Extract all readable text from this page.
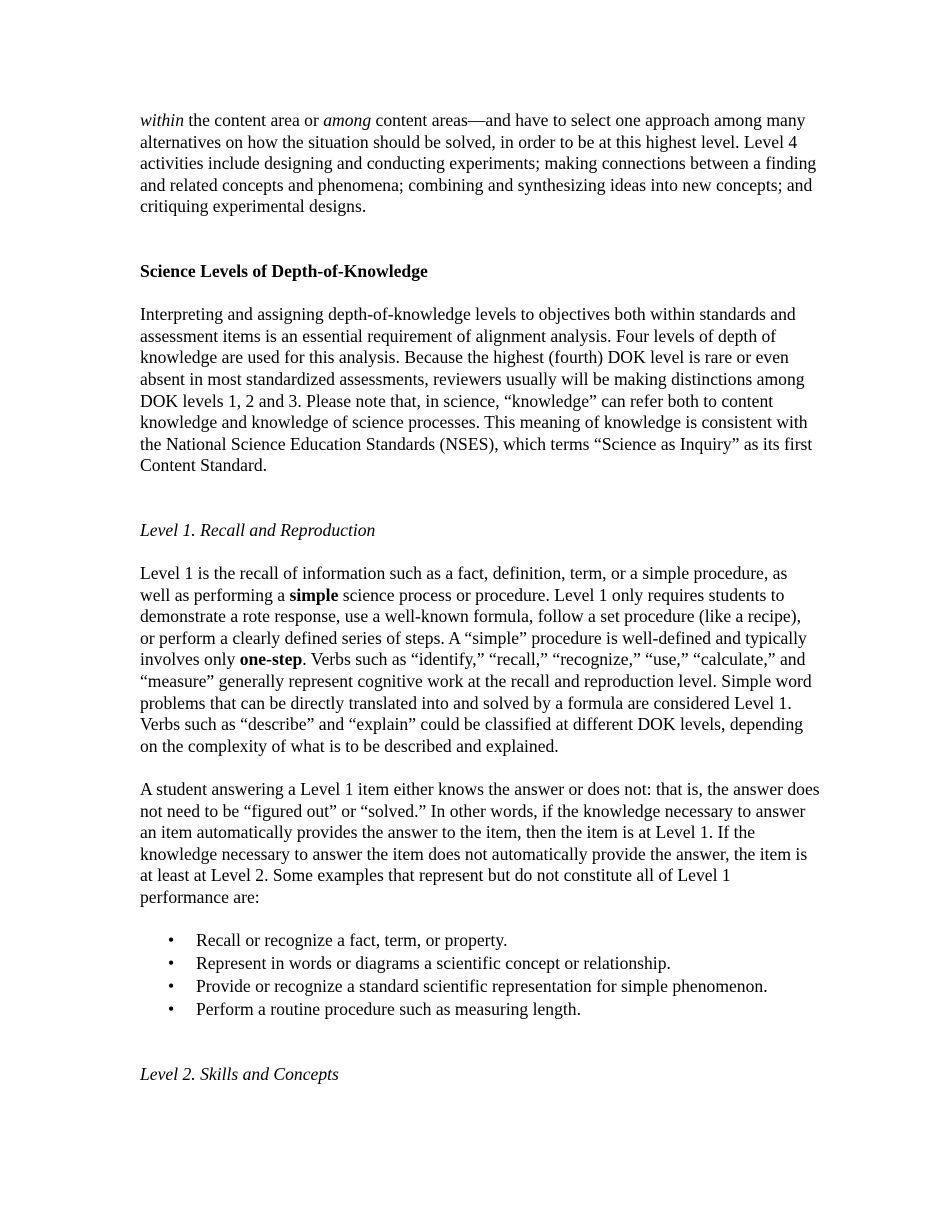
within the content area or among content areas—and have to select one approach among many alternatives on how the situation should be solved, in order to be at this highest level. Level 4 activities include designing and conducting experiments; making connections between a finding and related concepts and phenomena; combining and synthesizing ideas into new concepts; and critiquing experimental designs.

Science Levels of Depth-of-Knowledge

Interpreting and assigning depth-of-knowledge levels to objectives both within standards and assessment items is an essential requirement of alignment analysis. Four levels of depth of knowledge are used for this analysis. Because the highest (fourth) DOK level is rare or even absent in most standardized assessments, reviewers usually will be making distinctions among DOK levels 1, 2 and 3. Please note that, in science, “knowledge” can refer both to content knowledge and knowledge of science processes. This meaning of knowledge is consistent with the National Science Education Standards (NSES), which terms “Science as Inquiry” as its first Content Standard.

Level 1. Recall and Reproduction

Level 1 is the recall of information such as a fact, definition, term, or a simple procedure, as well as performing a simple science process or procedure. Level 1 only requires students to demonstrate a rote response, use a well-known formula, follow a set procedure (like a recipe), or perform a clearly defined series of steps. A “simple” procedure is well-defined and typically involves only one-step. Verbs such as “identify,” “recall,” “recognize,” “use,” “calculate,” and “measure” generally represent cognitive work at the recall and reproduction level. Simple word problems that can be directly translated into and solved by a formula are considered Level 1. Verbs such as “describe” and “explain” could be classified at different DOK levels, depending on the complexity of what is to be described and explained.

A student answering a Level 1 item either knows the answer or does not: that is, the answer does not need to be “figured out” or “solved.” In other words, if the knowledge necessary to answer an item automatically provides the answer to the item, then the item is at Level 1. If the knowledge necessary to answer the item does not automatically provide the answer, the item is at least at Level 2. Some examples that represent but do not constitute all of Level 1 performance are:

• Recall or recognize a fact, term, or property.
• Represent in words or diagrams a scientific concept or relationship.
• Provide or recognize a standard scientific representation for simple phenomenon.
• Perform a routine procedure such as measuring length.

Level 2. Skills and Concepts
